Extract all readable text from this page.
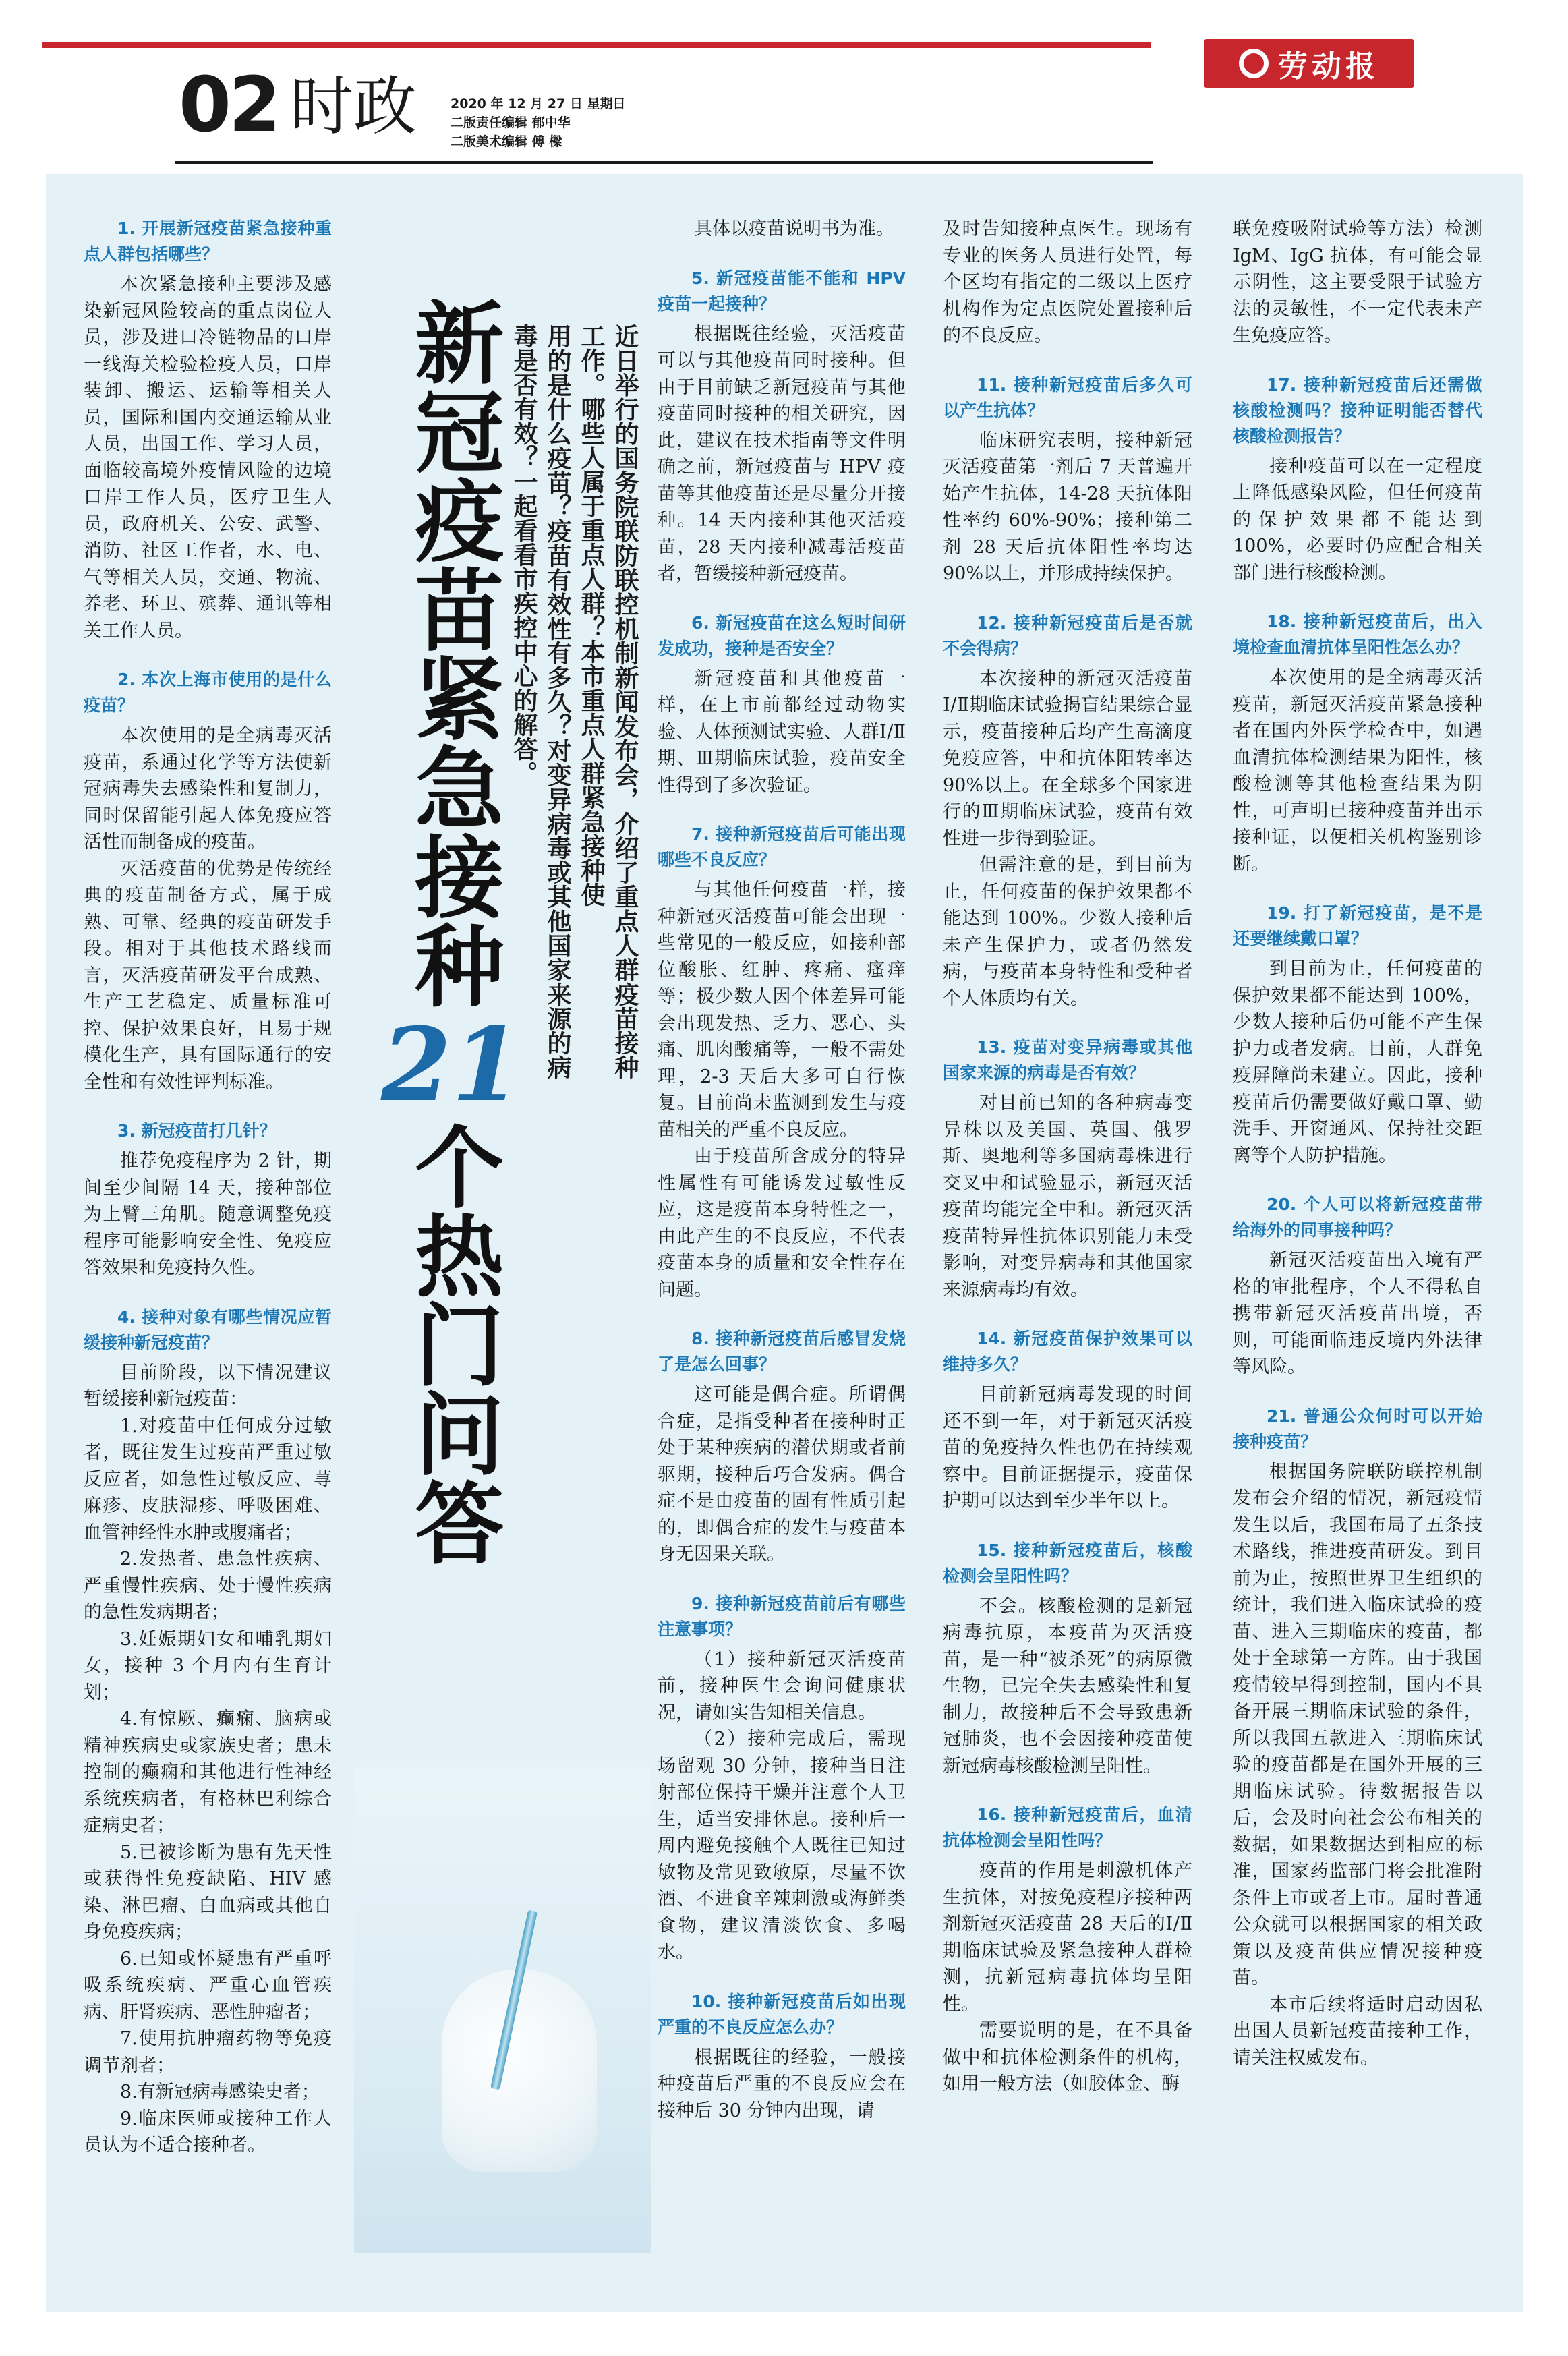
劳动报
02 时政	2020 年 12 月 27 日 星期日
二版责任编辑 郁中华
二版美术编辑 傅 樑
1. 开展新冠疫苗紧急接种重点人群包括哪些？

本次紧急接种主要涉及感染新冠风险较高的重点岗位人员，涉及进口冷链物品的口岸一线海关检验检疫人员，口岸装卸、搬运、运输等相关人员，国际和国内交通运输从业人员，出国工作、学习人员，面临较高境外疫情风险的边境口岸工作人员，医疗卫生人员，政府机关、公安、武警、消防、社区工作者，水、电、气等相关人员，交通、物流、养老、环卫、殡葬、通讯等相关工作人员。

2. 本次上海市使用的是什么疫苗？

本次使用的是全病毒灭活疫苗，系通过化学等方法使新冠病毒失去感染性和复制力，同时保留能引起人体免疫应答活性而制备成的疫苗。

灭活疫苗的优势是传统经典的疫苗制备方式，属于成熟、可靠、经典的疫苗研发手段。相对于其他技术路线而言，灭活疫苗研发平台成熟、生产工艺稳定、质量标准可控、保护效果良好，且易于规模化生产，具有国际通行的安全性和有效性评判标准。

3. 新冠疫苗打几针？

推荐免疫程序为 2 针，期间至少间隔 14 天，接种部位为上臂三角肌。随意调整免疫程序可能影响安全性、免疫应答效果和免疫持久性。

4. 接种对象有哪些情况应暂缓接种新冠疫苗？

目前阶段，以下情况建议暂缓接种新冠疫苗：

1.对疫苗中任何成分过敏者，既往发生过疫苗严重过敏反应者，如急性过敏反应、荨麻疹、皮肤湿疹、呼吸困难、血管神经性水肿或腹痛者；

2.发热者、患急性疾病、严重慢性疾病、处于慢性疾病的急性发病期者；

3.妊娠期妇女和哺乳期妇女，接种 3 个月内有生育计划；

4.有惊厥、癫痫、脑病或精神疾病史或家族史者；患未控制的癫痫和其他进行性神经系统疾病者，有格林巴利综合症病史者；

5.已被诊断为患有先天性或获得性免疫缺陷、HIV 感染、淋巴瘤、白血病或其他自身免疫疾病；

6.已知或怀疑患有严重呼吸系统疾病、严重心血管疾病、肝肾疾病、恶性肿瘤者；

7.使用抗肿瘤药物等免疫调节剂者；

8.有新冠病毒感染史者；

9.临床医师或接种工作人员认为不适合接种者。

新冠疫苗紧急接种21个热门问答
近日举行的国务院联防联控机制新闻发布会，介绍了重点人群疫苗接种工作。哪些人属于重点人群？本市重点人群紧急接种使
用的是什么疫苗？疫苗有效性有多久？对变异病毒或其他国家来源的病毒是否有效？一起看看市疾控中心的解答。

具体以疫苗说明书为准。

5. 新冠疫苗能不能和 HPV 疫苗一起接种？

根据既往经验，灭活疫苗可以与其他疫苗同时接种。但由于目前缺乏新冠疫苗与其他疫苗同时接种的相关研究，因此，建议在技术指南等文件明确之前，新冠疫苗与 HPV 疫苗等其他疫苗还是尽量分开接种。14 天内接种其他灭活疫苗，28 天内接种减毒活疫苗者，暂缓接种新冠疫苗。

6. 新冠疫苗在这么短时间研发成功，接种是否安全？

新冠疫苗和其他疫苗一样，在上市前都经过动物实验、人体预测试实验、人群Ⅰ/Ⅱ期、Ⅲ期临床试验，疫苗安全性得到了多次验证。

7. 接种新冠疫苗后可能出现哪些不良反应？

与其他任何疫苗一样，接种新冠灭活疫苗可能会出现一些常见的一般反应，如接种部位酸胀、红肿、疼痛、瘙痒等；极少数人因个体差异可能会出现发热、乏力、恶心、头痛、肌肉酸痛等，一般不需处理，2-3 天后大多可自行恢复。目前尚未监测到发生与疫苗相关的严重不良反应。

由于疫苗所含成分的特异性属性有可能诱发过敏性反应，这是疫苗本身特性之一，由此产生的不良反应，不代表疫苗本身的质量和安全性存在问题。

8. 接种新冠疫苗后感冒发烧了是怎么回事？

这可能是偶合症。所谓偶合症，是指受种者在接种时正处于某种疾病的潜伏期或者前驱期，接种后巧合发病。偶合症不是由疫苗的固有性质引起的，即偶合症的发生与疫苗本身无因果关联。

9. 接种新冠疫苗前后有哪些注意事项？

（1）接种新冠灭活疫苗前，接种医生会询问健康状况，请如实告知相关信息。

（2）接种完成后，需现场留观 30 分钟，接种当日注射部位保持干燥并注意个人卫生，适当安排休息。接种后一周内避免接触个人既往已知过敏物及常见致敏原，尽量不饮酒、不进食辛辣刺激或海鲜类食物，建议清淡饮食、多喝水。

10. 接种新冠疫苗后如出现严重的不良反应怎么办？

根据既往的经验，一般接种疫苗后严重的不良反应会在接种后 30 分钟内出现，请

及时告知接种点医生。现场有专业的医务人员进行处置，每个区均有指定的二级以上医疗机构作为定点医院处置接种后的不良反应。

11. 接种新冠疫苗后多久可以产生抗体？

临床研究表明，接种新冠灭活疫苗第一剂后 7 天普遍开始产生抗体，14-28 天抗体阳性率约 60%-90%；接种第二剂 28 天后抗体阳性率均达 90%以上，并形成持续保护。

12. 接种新冠疫苗后是否就不会得病？

本次接种的新冠灭活疫苗Ⅰ/Ⅱ期临床试验揭盲结果综合显示，疫苗接种后均产生高滴度免疫应答，中和抗体阳转率达 90%以上。在全球多个国家进行的Ⅲ期临床试验，疫苗有效性进一步得到验证。

但需注意的是，到目前为止，任何疫苗的保护效果都不能达到 100%。少数人接种后未产生保护力，或者仍然发病，与疫苗本身特性和受种者个人体质均有关。

13. 疫苗对变异病毒或其他国家来源的病毒是否有效？

对目前已知的各种病毒变异株以及美国、英国、俄罗斯、奥地利等多国病毒株进行交叉中和试验显示，新冠灭活疫苗均能完全中和。新冠灭活疫苗特异性抗体识别能力未受影响，对变异病毒和其他国家来源病毒均有效。

14. 新冠疫苗保护效果可以维持多久？

目前新冠病毒发现的时间还不到一年，对于新冠灭活疫苗的免疫持久性也仍在持续观察中。目前证据提示，疫苗保护期可以达到至少半年以上。

15. 接种新冠疫苗后，核酸检测会呈阳性吗？

不会。核酸检测的是新冠病毒抗原，本疫苗为灭活疫苗，是一种“被杀死”的病原微生物，已完全失去感染性和复制力，故接种后不会导致患新冠肺炎，也不会因接种疫苗使新冠病毒核酸检测呈阳性。

16. 接种新冠疫苗后，血清抗体检测会呈阳性吗？

疫苗的作用是刺激机体产生抗体，对按免疫程序接种两剂新冠灭活疫苗 28 天后的Ⅰ/Ⅱ期临床试验及紧急接种人群检测，抗新冠病毒抗体均呈阳性。

需要说明的是，在不具备做中和抗体检测条件的机构，如用一般方法（如胶体金、酶

联免疫吸附试验等方法）检测 IgM、IgG 抗体，有可能会显示阴性，这主要受限于试验方法的灵敏性，不一定代表未产生免疫应答。

17. 接种新冠疫苗后还需做核酸检测吗？接种证明能否替代核酸检测报告？

接种疫苗可以在一定程度上降低感染风险，但任何疫苗的保护效果都不能达到 100%，必要时仍应配合相关部门进行核酸检测。

18. 接种新冠疫苗后，出入境检查血清抗体呈阳性怎么办？

本次使用的是全病毒灭活疫苗，新冠灭活疫苗紧急接种者在国内外医学检查中，如遇血清抗体检测结果为阳性，核酸检测等其他检查结果为阴性，可声明已接种疫苗并出示接种证，以便相关机构鉴别诊断。

19. 打了新冠疫苗，是不是还要继续戴口罩？

到目前为止，任何疫苗的保护效果都不能达到 100%，少数人接种后仍可能不产生保护力或者发病。目前，人群免疫屏障尚未建立。因此，接种疫苗后仍需要做好戴口罩、勤洗手、开窗通风、保持社交距离等个人防护措施。

20. 个人可以将新冠疫苗带给海外的同事接种吗？

新冠灭活疫苗出入境有严格的审批程序，个人不得私自携带新冠灭活疫苗出境，否则，可能面临违反境内外法律等风险。

21. 普通公众何时可以开始接种疫苗？

根据国务院联防联控机制发布会介绍的情况，新冠疫情发生以后，我国布局了五条技术路线，推进疫苗研发。到目前为止，按照世界卫生组织的统计，我们进入临床试验的疫苗、进入三期临床的疫苗，都处于全球第一方阵。由于我国疫情较早得到控制，国内不具备开展三期临床试验的条件，所以我国五款进入三期临床试验的疫苗都是在国外开展的三期临床试验。待数据报告以后，会及时向社会公布相关的数据，如果数据达到相应的标准，国家药监部门将会批准附条件上市或者上市。届时普通公众就可以根据国家的相关政策以及疫苗供应情况接种疫苗。

本市后续将适时启动因私出国人员新冠疫苗接种工作，请关注权威发布。
